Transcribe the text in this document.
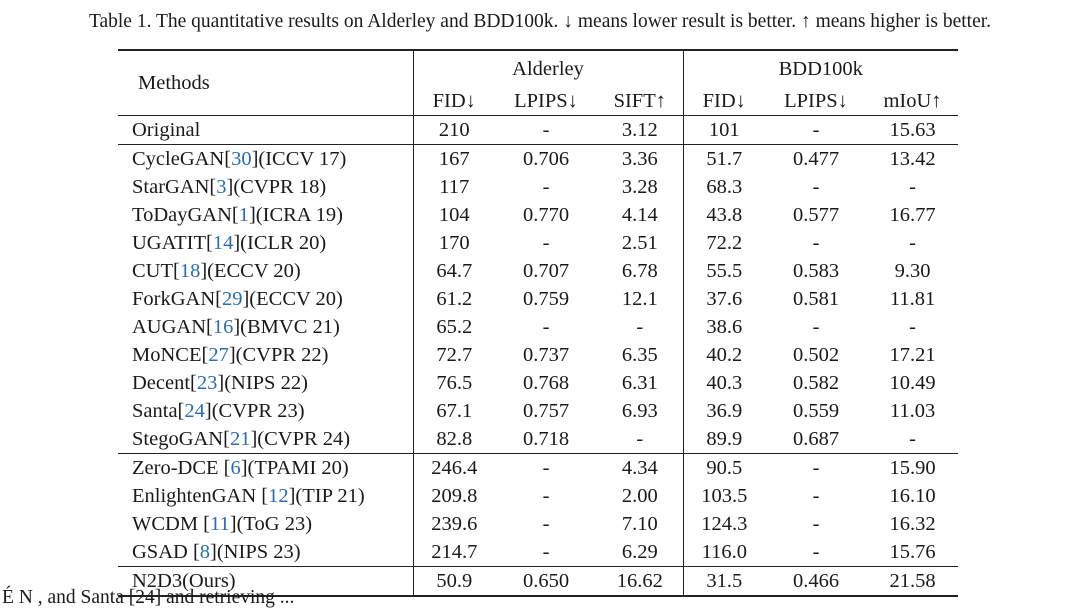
Table 1. The quantitative results on Alderley and BDD100k. ↓ means lower result is better. ↑ means higher is better.
Methods	Alderley			BDD100k		
	FID↓	LPIPS↓	SIFT↑	FID↓	LPIPS↓	mIoU↑
Original	210	-	3.12	101	-	15.63
CycleGAN[30](ICCV 17)	167	0.706	3.36	51.7	0.477	13.42
StarGAN[3](CVPR 18)	117	-	3.28	68.3	-	-
ToDayGAN[1](ICRA 19)	104	0.770	4.14	43.8	0.577	16.77
UGATIT[14](ICLR 20)	170	-	2.51	72.2	-	-
CUT[18](ECCV 20)	64.7	0.707	6.78	55.5	0.583	9.30
ForkGAN[29](ECCV 20)	61.2	0.759	12.1	37.6	0.581	11.81
AUGAN[16](BMVC 21)	65.2	-	-	38.6	-	-
MoNCE[27](CVPR 22)	72.7	0.737	6.35	40.2	0.502	17.21
Decent[23](NIPS 22)	76.5	0.768	6.31	40.3	0.582	10.49
Santa[24](CVPR 23)	67.1	0.757	6.93	36.9	0.559	11.03
StegoGAN[21](CVPR 24)	82.8	0.718	-	89.9	0.687	-
Zero-DCE [6](TPAMI 20)	246.4	-	4.34	90.5	-	15.90
EnlightenGAN [12](TIP 21)	209.8	-	2.00	103.5	-	16.10
WCDM [11](ToG 23)	239.6	-	7.10	124.3	-	16.32
GSAD [8](NIPS 23)	214.7	-	6.29	116.0	-	15.76
N2D3(Ours)	50.9	0.650	16.62	31.5	0.466	21.58
É N , and Santa [24] and retrieving ...
